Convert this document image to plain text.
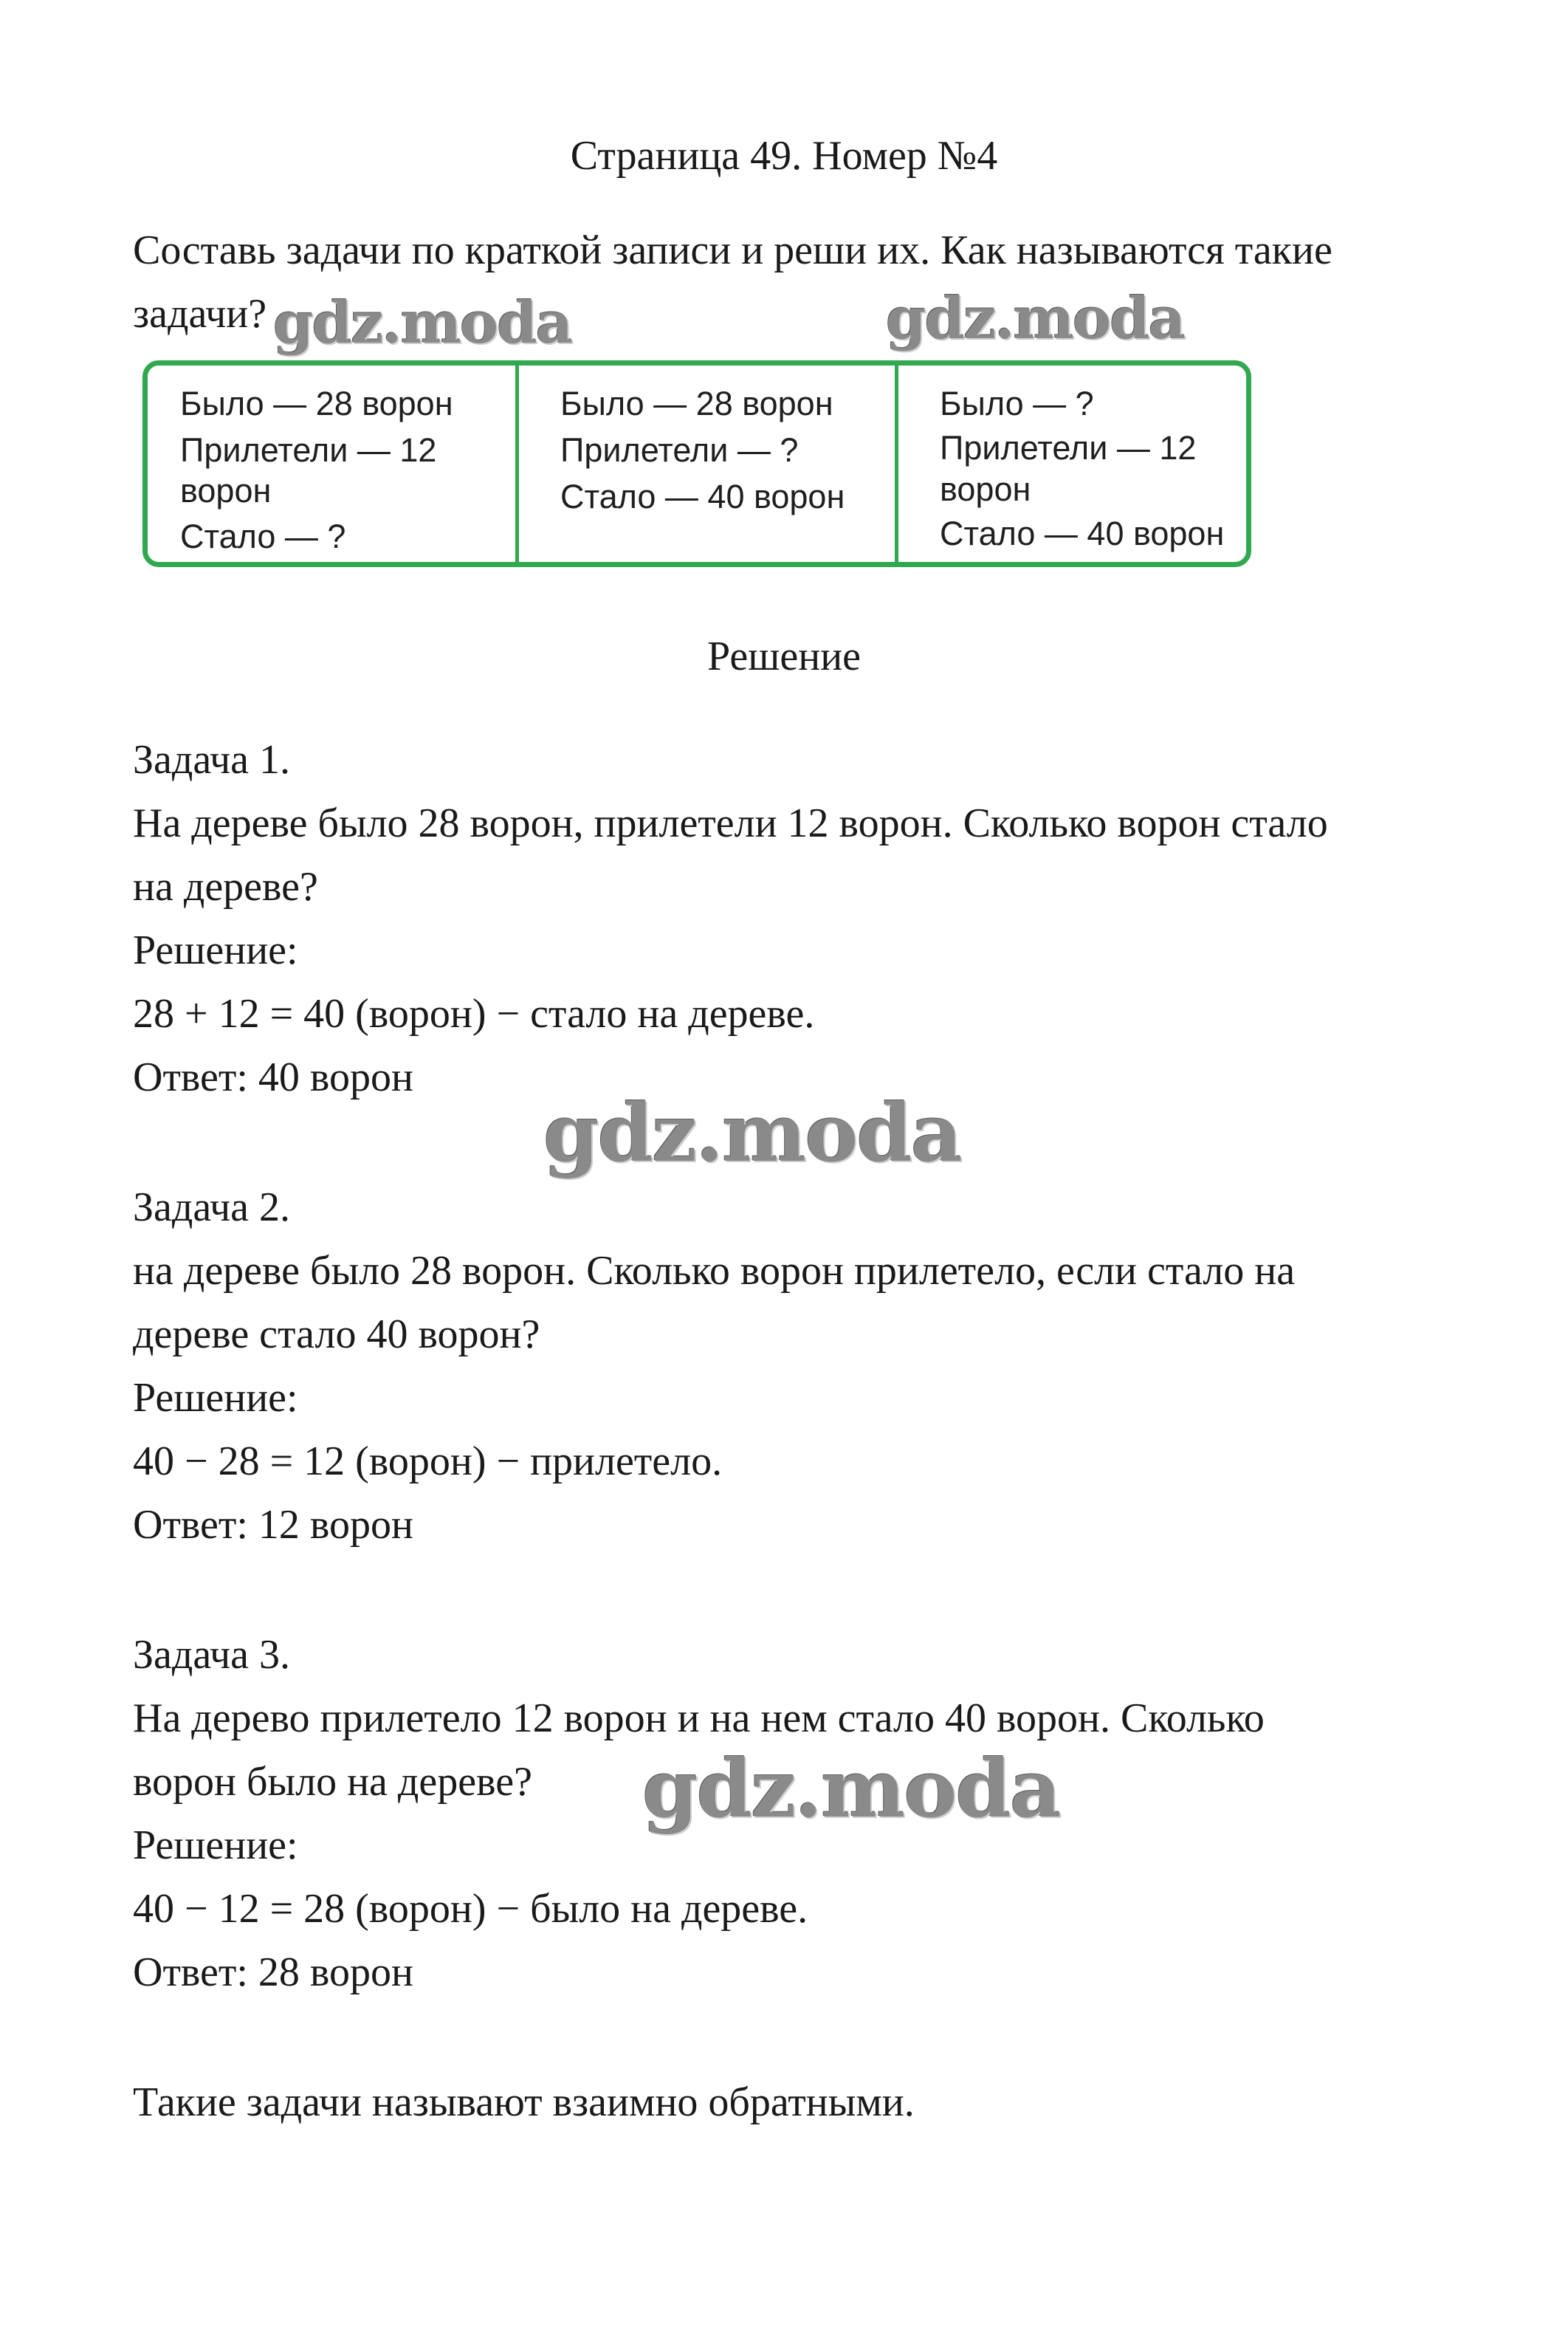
Страница 49. Номер №4
Составь задачи по краткой записи и реши их. Как называются такие
задачи?
Было — 28 ворон
Прилетели — 12
ворон
Стало — ?
Было — 28 ворон
Прилетели — ?
Стало — 40 ворон
Было — ?
Прилетели — 12
ворон
Стало — 40 ворон
Решение
Задача 1.
На дереве было 28 ворон, прилетели 12 ворон. Сколько ворон стало
на дереве?
Решение:
28 + 12 = 40 (ворон) − стало на дереве.
Ответ: 40 ворон
Задача 2.
на дереве было 28 ворон. Сколько ворон прилетело, если стало на
дереве стало 40 ворон?
Решение:
40 − 28 = 12 (ворон) − прилетело.
Ответ: 12 ворон
Задача 3.
На дерево прилетело 12 ворон и на нем стало 40 ворон. Сколько
ворон было на дереве?
Решение:
40 − 12 = 28 (ворон) − было на дереве.
Ответ: 28 ворон
Такие задачи называют взаимно обратными.
gdz.moda	gdz.moda
gdz.moda
gdz.moda
